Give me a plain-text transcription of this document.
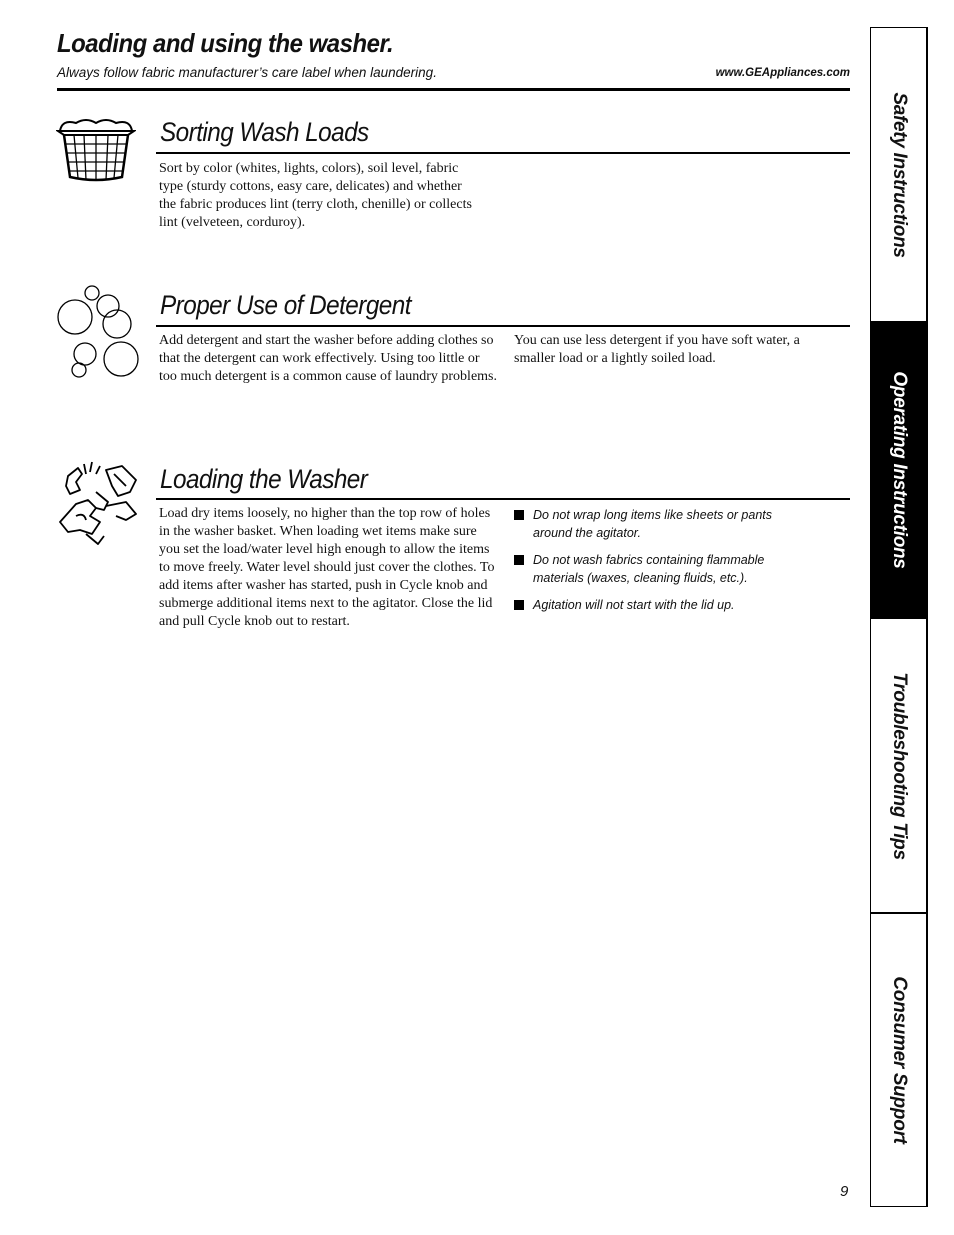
Loading and using the washer.
Always follow fabric manufacturer’s care label when laundering.	www.GEAppliances.com
Sorting Wash Loads
Sort by color (whites, lights, colors), soil level, fabric type (sturdy cottons, easy care, delicates) and whether the fabric produces lint (terry cloth, chenille) or collects lint (velveteen, corduroy).
Proper Use of Detergent
Add detergent and start the washer before adding clothes so that the detergent can work effectively. Using too little or too much detergent is a common cause of laundry problems.
You can use less detergent if you have soft water, a smaller load or a lightly soiled load.
Loading the Washer
Load dry items loosely, no higher than the top row of holes in the washer basket. When loading wet items make sure you set the load/water level high enough to allow the items to move freely. Water level should just cover the clothes. To add items after washer has started, push in Cycle knob and submerge additional items next to the agitator. Close the lid and pull Cycle knob out to restart.
Do not wrap long items like sheets or pants around the agitator.
Do not wash fabrics containing flammable materials (waxes, cleaning fluids, etc.).
Agitation will not start with the lid up.
Safety Instructions
Operating Instructions
Troubleshooting Tips
Consumer Support
9
